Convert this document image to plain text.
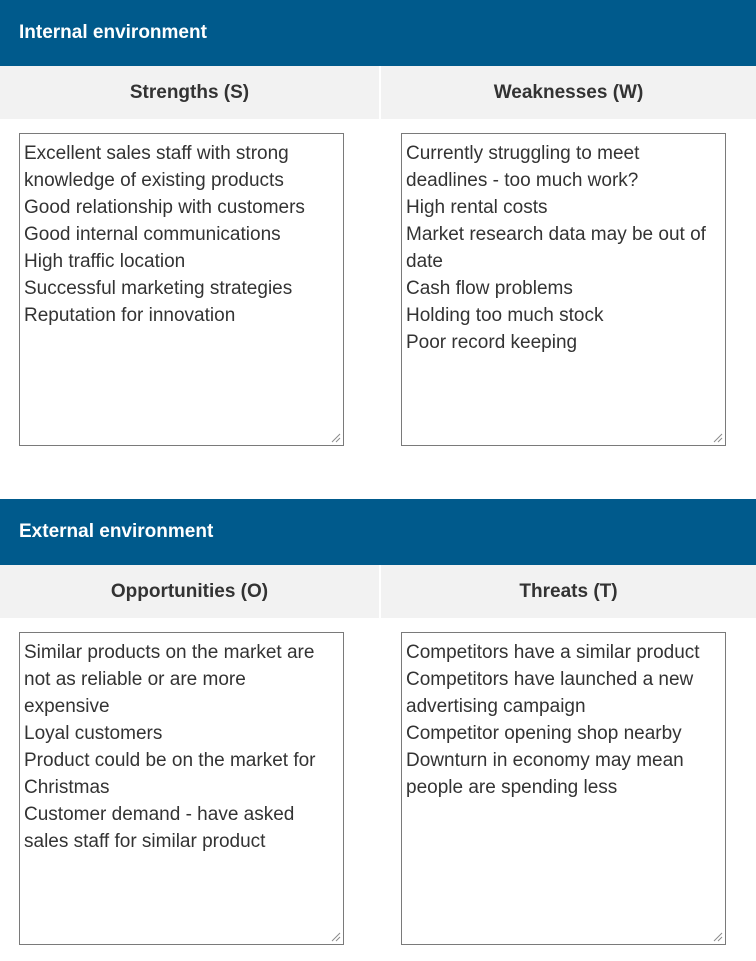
Internal environment
Strengths (S)	Weaknesses (W)
Excellent sales staff with strong
knowledge of existing products
Good relationship with customers
Good internal communications
High traffic location
Successful marketing strategies
Reputation for innovation
Currently struggling to meet
deadlines - too much work?
High rental costs
Market research data may be out of
date
Cash flow problems
Holding too much stock
Poor record keeping
External environment
Opportunities (O)	Threats (T)
Similar products on the market are
not as reliable or are more
expensive
Loyal customers
Product could be on the market for
Christmas
Customer demand - have asked
sales staff for similar product
Competitors have a similar product
Competitors have launched a new
advertising campaign
Competitor opening shop nearby
Downturn in economy may mean
people are spending less
